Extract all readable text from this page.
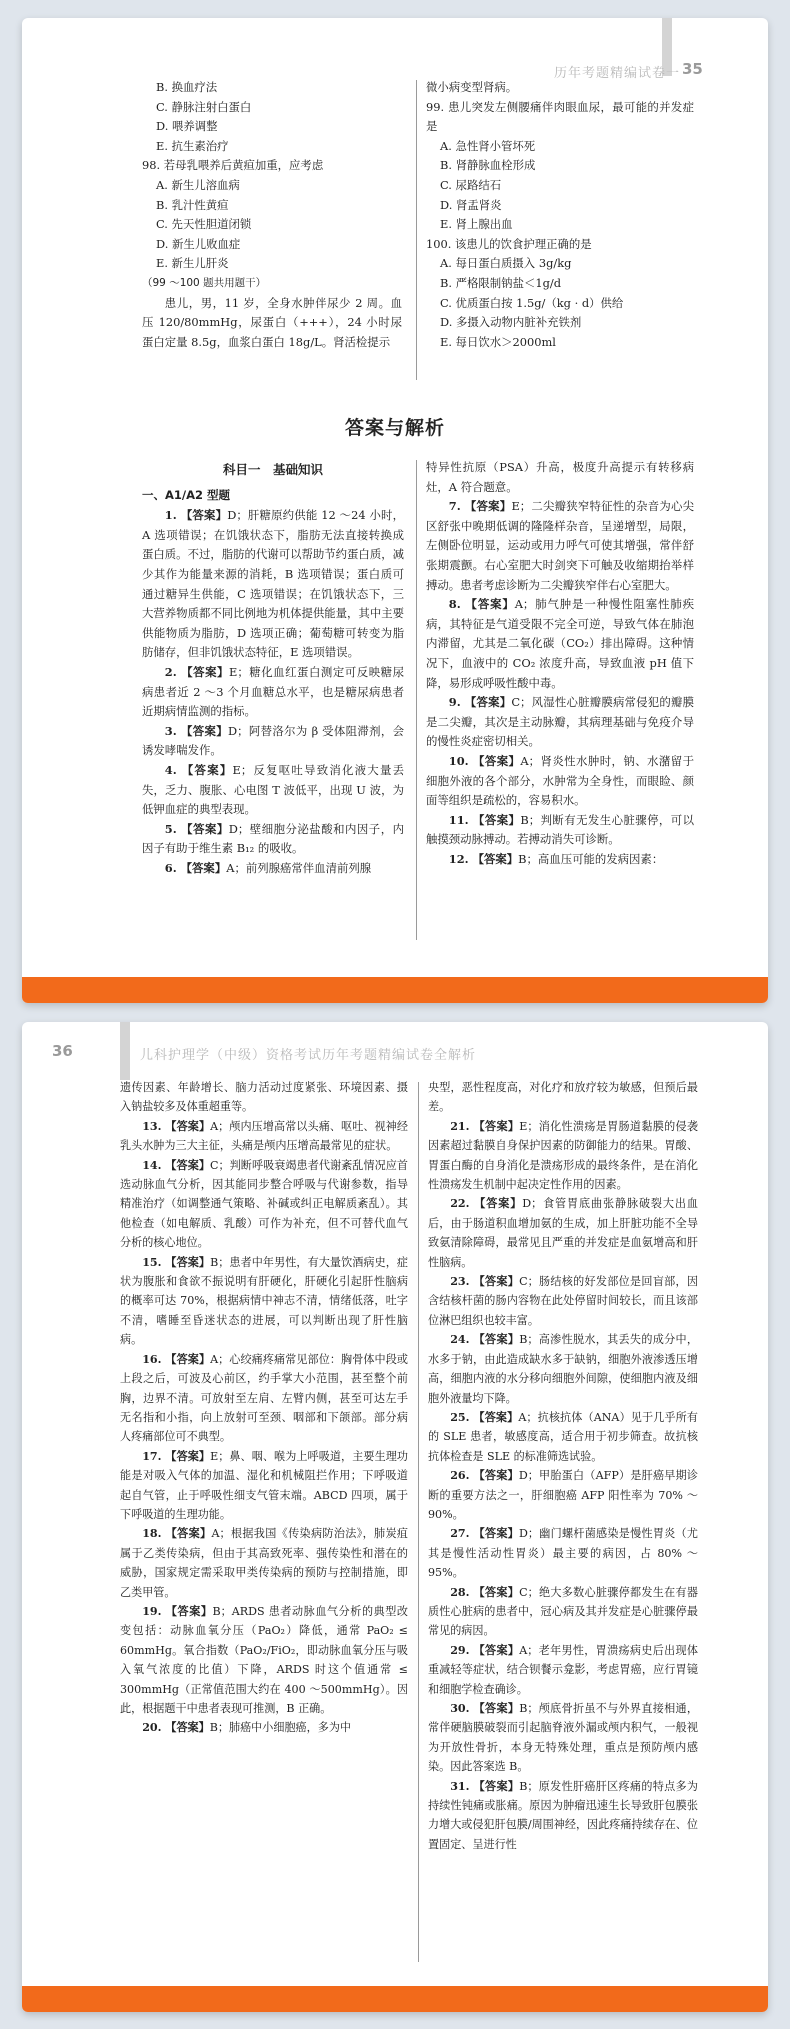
历年考题精编试卷一 35
B. 换血疗法
C. 静脉注射白蛋白
D. 喂养调整
E. 抗生素治疗
98. 若母乳喂养后黄疸加重，应考虑
A. 新生儿溶血病
B. 乳汁性黄疸
C. 先天性胆道闭锁
D. 新生儿败血症
E. 新生儿肝炎
（99 ～100 题共用题干）
患儿，男，11 岁，全身水肿伴尿少 2 周。血压 120/80mmHg，尿蛋白（+++），24 小时尿蛋白定量 8.5g，血浆白蛋白 18g/L。肾活检提示
微小病变型肾病。
99. 患儿突发左侧腰痛伴肉眼血尿，最可能的并发症是
A. 急性肾小管坏死
B. 肾静脉血栓形成
C. 尿路结石
D. 肾盂肾炎
E. 肾上腺出血
100. 该患儿的饮食护理正确的是
A. 每日蛋白质摄入 3g/kg
B. 严格限制钠盐＜1g/d
C. 优质蛋白按 1.5g/（kg · d）供给
D. 多摄入动物内脏补充铁剂
E. 每日饮水＞2000ml
答案与解析
科目一　基础知识
一、A1/A2 型题

1. 【答案】D；肝糖原约供能 12 ～24 小时，A 选项错误；在饥饿状态下，脂肪无法直接转换成蛋白质。不过，脂肪的代谢可以帮助节约蛋白质，减少其作为能量来源的消耗，B 选项错误；蛋白质可通过糖异生供能，C 选项错误；在饥饿状态下，三大营养物质都不同比例地为机体提供能量，其中主要供能物质为脂肪，D 选项正确；葡萄糖可转变为脂肪储存，但非饥饿状态特征，E 选项错误。

2. 【答案】E；糖化血红蛋白测定可反映糖尿病患者近 2 ～3 个月血糖总水平，也是糖尿病患者近期病情监测的指标。

3. 【答案】D；阿替洛尔为 β 受体阻滞剂，会诱发哮喘发作。

4. 【答案】E；反复呕吐导致消化液大量丢失，乏力、腹胀、心电图 T 波低平，出现 U 波，为低钾血症的典型表现。

5. 【答案】D；壁细胞分泌盐酸和内因子，内因子有助于维生素 B₁₂ 的吸收。

6. 【答案】A；前列腺癌常伴血清前列腺

特异性抗原（PSA）升高，极度升高提示有转移病灶，A 符合题意。

7. 【答案】E；二尖瓣狭窄特征性的杂音为心尖区舒张中晚期低调的隆隆样杂音，呈递增型，局限，左侧卧位明显，运动或用力呼气可使其增强，常伴舒张期震颤。右心室肥大时剑突下可触及收缩期抬举样搏动。患者考虑诊断为二尖瓣狭窄伴右心室肥大。

8. 【答案】A；肺气肿是一种慢性阻塞性肺疾病，其特征是气道受限不完全可逆，导致气体在肺泡内滞留，尤其是二氧化碳（CO₂）排出障碍。这种情况下，血液中的 CO₂ 浓度升高，导致血液 pH 值下降，易形成呼吸性酸中毒。

9. 【答案】C；风湿性心脏瓣膜病常侵犯的瓣膜是二尖瓣，其次是主动脉瓣，其病理基础与免疫介导的慢性炎症密切相关。

10. 【答案】A；肾炎性水肿时，钠、水潴留于细胞外液的各个部分，水肿常为全身性，而眼睑、颜面等组织是疏松的，容易积水。

11. 【答案】B；判断有无发生心脏骤停，可以触摸颈动脉搏动。若搏动消失可诊断。

12. 【答案】B；高血压可能的发病因素：

36	儿科护理学（中级）资格考试历年考题精编试卷全解析

遗传因素、年龄增长、脑力活动过度紧张、环境因素、摄入钠盐较多及体重超重等。

13. 【答案】A；颅内压增高常以头痛、呕吐、视神经乳头水肿为三大主征，头痛是颅内压增高最常见的症状。

14. 【答案】C；判断呼吸衰竭患者代谢紊乱情况应首选动脉血气分析，因其能同步整合呼吸与代谢参数，指导精准治疗（如调整通气策略、补碱或纠正电解质紊乱）。其他检查（如电解质、乳酸）可作为补充，但不可替代血气分析的核心地位。

15. 【答案】B；患者中年男性，有大量饮酒病史，症状为腹胀和食欲不振说明有肝硬化，肝硬化引起肝性脑病的概率可达 70%，根据病情中神志不清，情绪低落，吐字不清，嗜睡至昏迷状态的进展，可以判断出现了肝性脑病。

16. 【答案】A；心绞痛疼痛常见部位：胸骨体中段或上段之后，可波及心前区，约手掌大小范围，甚至整个前胸，边界不清。可放射至左肩、左臂内侧，甚至可达左手无名指和小指，向上放射可至颈、咽部和下颌部。部分病人疼痛部位可不典型。

17. 【答案】E；鼻、咽、喉为上呼吸道，主要生理功能是对吸入气体的加温、湿化和机械阻拦作用；下呼吸道起自气管，止于呼吸性细支气管末端。ABCD 四项，属于下呼吸道的生理功能。

18. 【答案】A；根据我国《传染病防治法》，肺炭疽属于乙类传染病，但由于其高致死率、强传染性和潜在的威胁，国家规定需采取甲类传染病的预防与控制措施，即乙类甲管。

19. 【答案】B；ARDS 患者动脉血气分析的典型改变包括：动脉血氧分压（PaO₂）降低，通常 PaO₂ ≤ 60mmHg。氧合指数（PaO₂/FiO₂，即动脉血氧分压与吸入氧气浓度的比值）下降，ARDS 时这个值通常 ≤ 300mmHg（正常值范围大约在 400 ～500mmHg）。因此，根据题干中患者表现可推测，B 正确。

20. 【答案】B；肺癌中小细胞癌，多为中

央型，恶性程度高，对化疗和放疗较为敏感，但预后最差。

21. 【答案】E；消化性溃疡是胃肠道黏膜的侵袭因素超过黏膜自身保护因素的防御能力的结果。胃酸、胃蛋白酶的自身消化是溃疡形成的最终条件，是在消化性溃疡发生机制中起决定性作用的因素。

22. 【答案】D；食管胃底曲张静脉破裂大出血后，由于肠道积血增加氨的生成，加上肝脏功能不全导致氨清除障碍，最常见且严重的并发症是血氨增高和肝性脑病。

23. 【答案】C；肠结核的好发部位是回盲部，因含结核杆菌的肠内容物在此处停留时间较长，而且该部位淋巴组织也较丰富。

24. 【答案】B；高渗性脱水，其丢失的成分中，水多于钠，由此造成缺水多于缺钠，细胞外液渗透压增高，细胞内液的水分移向细胞外间隙，使细胞内液及细胞外液量均下降。

25. 【答案】A；抗核抗体（ANA）见于几乎所有的 SLE 患者，敏感度高，适合用于初步筛查。故抗核抗体检查是 SLE 的标准筛选试验。

26. 【答案】D；甲胎蛋白（AFP）是肝癌早期诊断的重要方法之一，肝细胞癌 AFP 阳性率为 70% ～90%。

27. 【答案】D；幽门螺杆菌感染是慢性胃炎（尤其是慢性活动性胃炎）最主要的病因，占 80% ～95%。

28. 【答案】C；绝大多数心脏骤停都发生在有器质性心脏病的患者中，冠心病及其并发症是心脏骤停最常见的病因。

29. 【答案】A；老年男性，胃溃疡病史后出现体重减轻等症状，结合钡餐示龛影，考虑胃癌，应行胃镜和细胞学检查确诊。

30. 【答案】B；颅底骨折虽不与外界直接相通，常伴硬脑膜破裂而引起脑脊液外漏或颅内积气，一般视为开放性骨折，本身无特殊处理，重点是预防颅内感染。因此答案选 B。

31. 【答案】B；原发性肝癌肝区疼痛的特点多为持续性钝痛或胀痛。原因为肿瘤迅速生长导致肝包膜张力增大或侵犯肝包膜/周围神经，因此疼痛持续存在、位置固定、呈进行性
